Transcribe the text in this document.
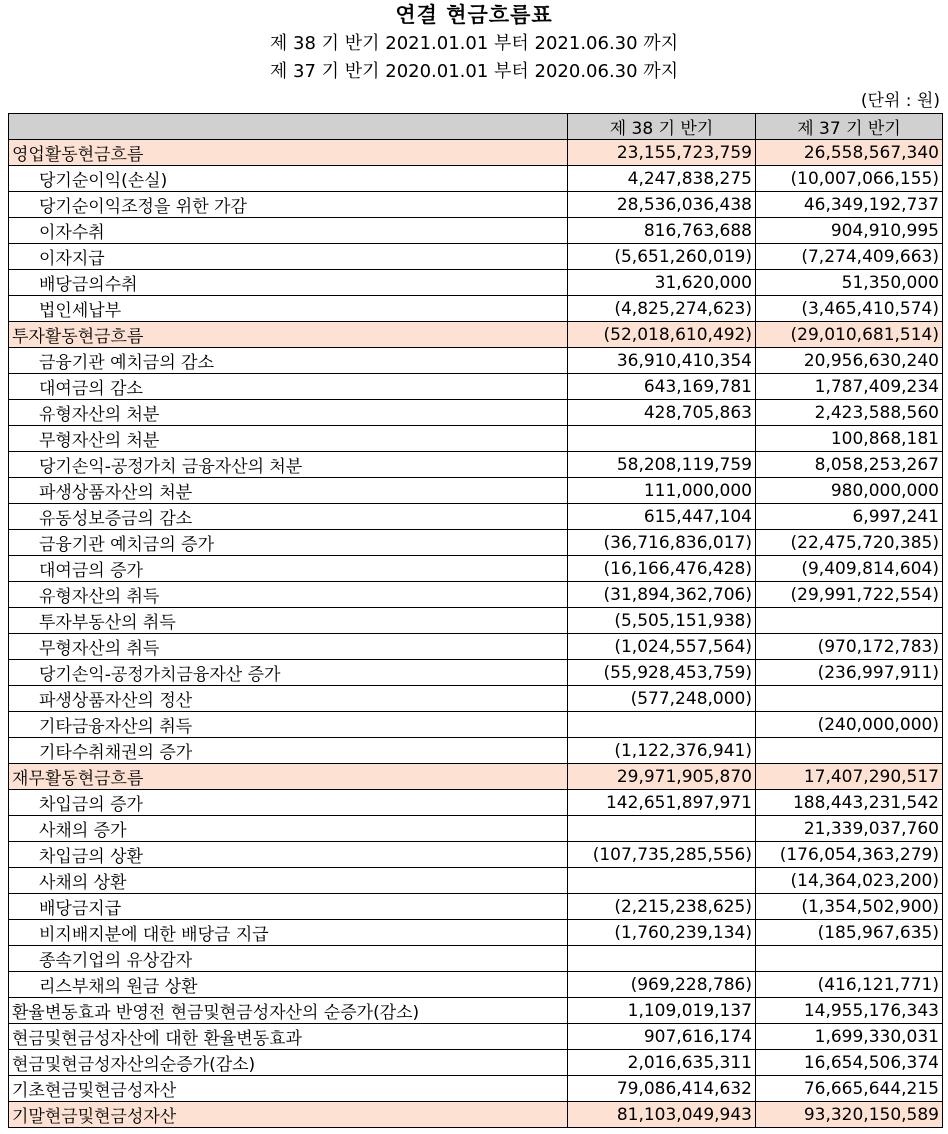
연결 현금흐름표
제 38 기 반기 2021.01.01 부터 2021.06.30 까지
제 37 기 반기 2020.01.01 부터 2020.06.30 까지
(단위 : 원)
	제 38 기 반기	제 37 기 반기
영업활동현금흐름	23,155,723,759	26,558,567,340
당기순이익(손실)	4,247,838,275	(10,007,066,155)
당기순이익조정을 위한 가감	28,536,036,438	46,349,192,737
이자수취	816,763,688	904,910,995
이자지급	(5,651,260,019)	(7,274,409,663)
배당금의수취	31,620,000	51,350,000
법인세납부	(4,825,274,623)	(3,465,410,574)
투자활동현금흐름	(52,018,610,492)	(29,010,681,514)
금융기관 예치금의 감소	36,910,410,354	20,956,630,240
대여금의 감소	643,169,781	1,787,409,234
유형자산의 처분	428,705,863	2,423,588,560
무형자산의 처분		100,868,181
당기손익-공정가치 금융자산의 처분	58,208,119,759	8,058,253,267
파생상품자산의 처분	111,000,000	980,000,000
유동성보증금의 감소	615,447,104	6,997,241
금융기관 예치금의 증가	(36,716,836,017)	(22,475,720,385)
대여금의 증가	(16,166,476,428)	(9,409,814,604)
유형자산의 취득	(31,894,362,706)	(29,991,722,554)
투자부동산의 취득	(5,505,151,938)	
무형자산의 취득	(1,024,557,564)	(970,172,783)
당기손익-공정가치금융자산 증가	(55,928,453,759)	(236,997,911)
파생상품자산의 정산	(577,248,000)	
기타금융자산의 취득		(240,000,000)
기타수취채권의 증가	(1,122,376,941)	
재무활동현금흐름	29,971,905,870	17,407,290,517
차입금의 증가	142,651,897,971	188,443,231,542
사채의 증가		21,339,037,760
차입금의 상환	(107,735,285,556)	(176,054,363,279)
사채의 상환		(14,364,023,200)
배당금지급	(2,215,238,625)	(1,354,502,900)
비지배지분에 대한 배당금 지급	(1,760,239,134)	(185,967,635)
종속기업의 유상감자		
리스부채의 원금 상환	(969,228,786)	(416,121,771)
환율변동효과 반영전 현금및현금성자산의 순증가(감소)	1,109,019,137	14,955,176,343
현금및현금성자산에 대한 환율변동효과	907,616,174	1,699,330,031
현금및현금성자산의순증가(감소)	2,016,635,311	16,654,506,374
기초현금및현금성자산	79,086,414,632	76,665,644,215
기말현금및현금성자산	81,103,049,943	93,320,150,589
